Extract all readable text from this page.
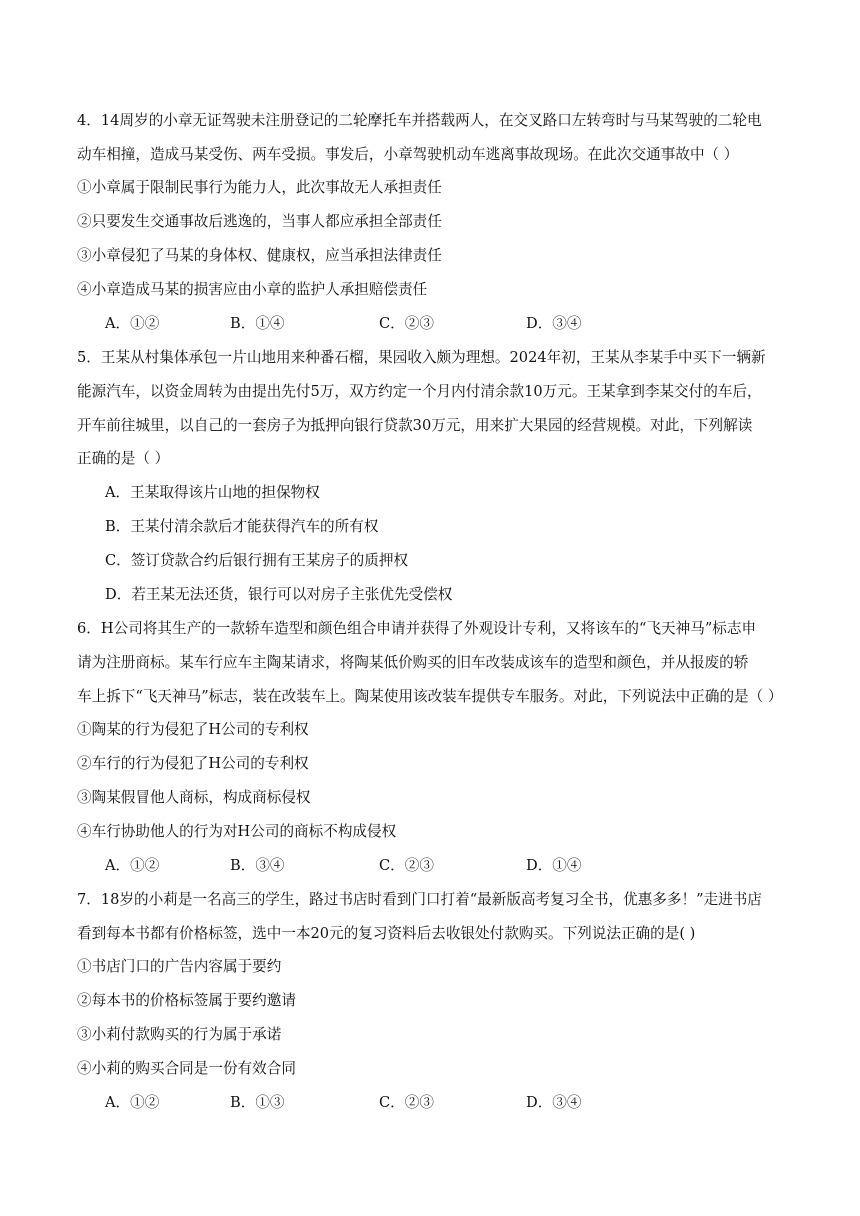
4．14周岁的小章无证驾驶未注册登记的二轮摩托车并搭载两人，在交叉路口左转弯时与马某驾驶的二轮电
动车相撞，造成马某受伤、两车受损。事发后，小章驾驶机动车逃离事故现场。在此次交通事故中（ ）
①小章属于限制民事行为能力人，此次事故无人承担责任
②只要发生交通事故后逃逸的，当事人都应承担全部责任
③小章侵犯了马某的身体权、健康权，应当承担法律责任
④小章造成马某的损害应由小章的监护人承担赔偿责任
A．①②	B．①④	C．②③	D．③④
5．王某从村集体承包一片山地用来种番石榴，果园收入颇为理想。2024年初，王某从李某手中买下一辆新
能源汽车，以资金周转为由提出先付5万，双方约定一个月内付清余款10万元。王某拿到李某交付的车后，
开车前往城里，以自己的一套房子为抵押向银行贷款30万元，用来扩大果园的经营规模。对此，下列解读
正确的是（ ）
A．王某取得该片山地的担保物权
B．王某付清余款后才能获得汽车的所有权
C．签订贷款合约后银行拥有王某房子的质押权
D．若王某无法还货，银行可以对房子主张优先受偿权
6．H公司将其生产的一款轿车造型和颜色组合申请并获得了外观设计专利，又将该车的“飞天神马”标志申
请为注册商标。某车行应车主陶某请求，将陶某低价购买的旧车改装成该车的造型和颜色，并从报废的轿
车上拆下“飞天神马”标志，装在改装车上。陶某使用该改装车提供专车服务。对此，下列说法中正确的是（ ）
①陶某的行为侵犯了H公司的专利权
②车行的行为侵犯了H公司的专利权
③陶某假冒他人商标，构成商标侵权
④车行协助他人的行为对H公司的商标不构成侵权
A．①②	B．③④	C．②③	D．①④
7．18岁的小莉是一名高三的学生，路过书店时看到门口打着“最新版高考复习全书，优惠多多！”走进书店
看到每本书都有价格标签，选中一本20元的复习资料后去收银处付款购买。下列说法正确的是( )
①书店门口的广告内容属于要约
②每本书的价格标签属于要约邀请
③小莉付款购买的行为属于承诺
④小莉的购买合同是一份有效合同
A．①②	B．①③	C．②③	D．③④
